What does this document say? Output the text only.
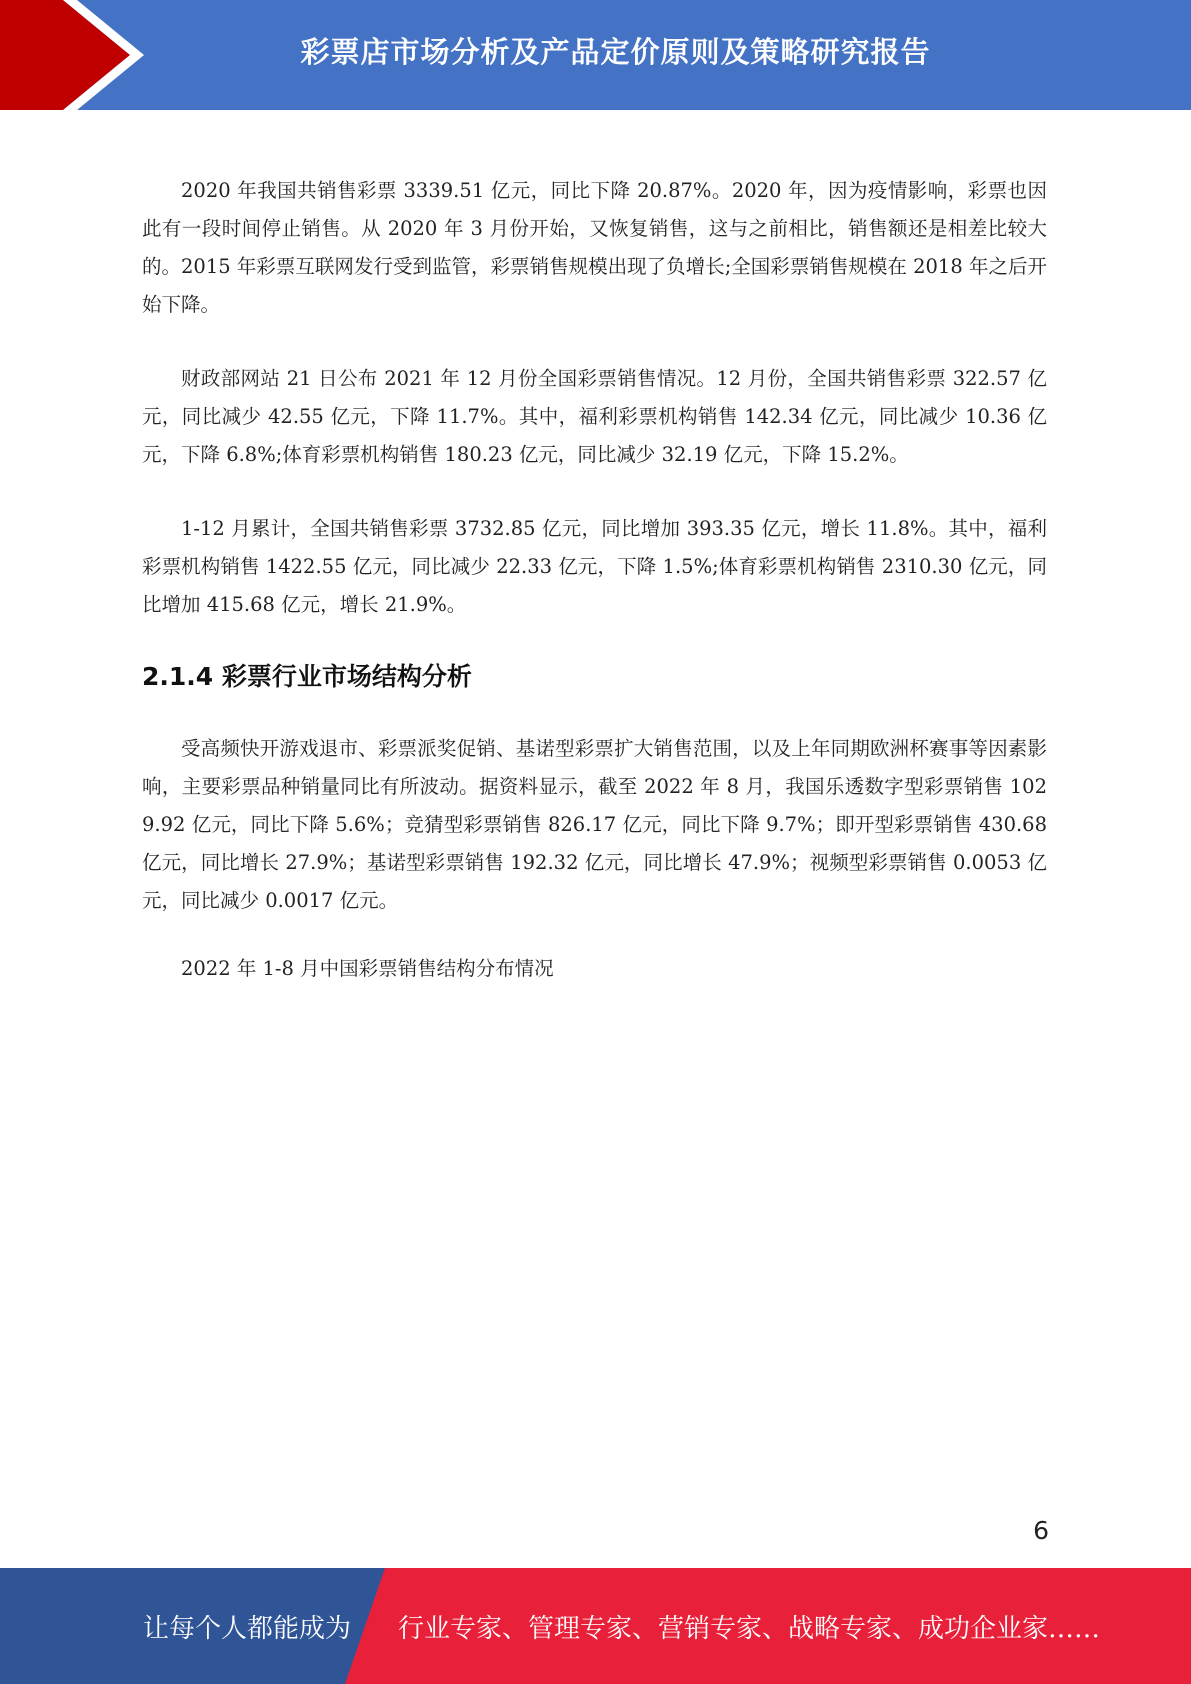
彩票店市场分析及产品定价原则及策略研究报告

2020 年我国共销售彩票 3339.51 亿元，同比下降 20.87%。2020 年，因为疫情影响，彩票也因此有一段时间停止销售。从 2020 年 3 月份开始，又恢复销售，这与之前相比，销售额还是相差比较大的。2015 年彩票互联网发行受到监管，彩票销售规模出现了负增长;全国彩票销售规模在 2018 年之后开始下降。

财政部网站 21 日公布 2021 年 12 月份全国彩票销售情况。12 月份，全国共销售彩票 322.57 亿元，同比减少 42.55 亿元，下降 11.7%。其中，福利彩票机构销售 142.34 亿元，同比减少 10.36 亿元，下降 6.8%;体育彩票机构销售 180.23 亿元，同比减少 32.19 亿元，下降 15.2%。

1-12 月累计，全国共销售彩票 3732.85 亿元，同比增加 393.35 亿元，增长 11.8%。其中，福利彩票机构销售 1422.55 亿元，同比减少 22.33 亿元，下降 1.5%;体育彩票机构销售 2310.30 亿元，同比增加 415.68 亿元，增长 21.9%。

2.1.4 彩票行业市场结构分析

受高频快开游戏退市、彩票派奖促销、基诺型彩票扩大销售范围，以及上年同期欧洲杯赛事等因素影响，主要彩票品种销量同比有所波动。据资料显示，截至 2022 年 8 月，我国乐透数字型彩票销售 1029.92 亿元，同比下降 5.6%；竞猜型彩票销售 826.17 亿元，同比下降 9.7%；即开型彩票销售 430.68 亿元，同比增长 27.9%；基诺型彩票销售 192.32 亿元，同比增长 47.9%；视频型彩票销售 0.0053 亿元，同比减少 0.0017 亿元。

2022 年 1-8 月中国彩票销售结构分布情况
6
让每个人都能成为 行业专家、管理专家、营销专家、战略专家、成功企业家……
